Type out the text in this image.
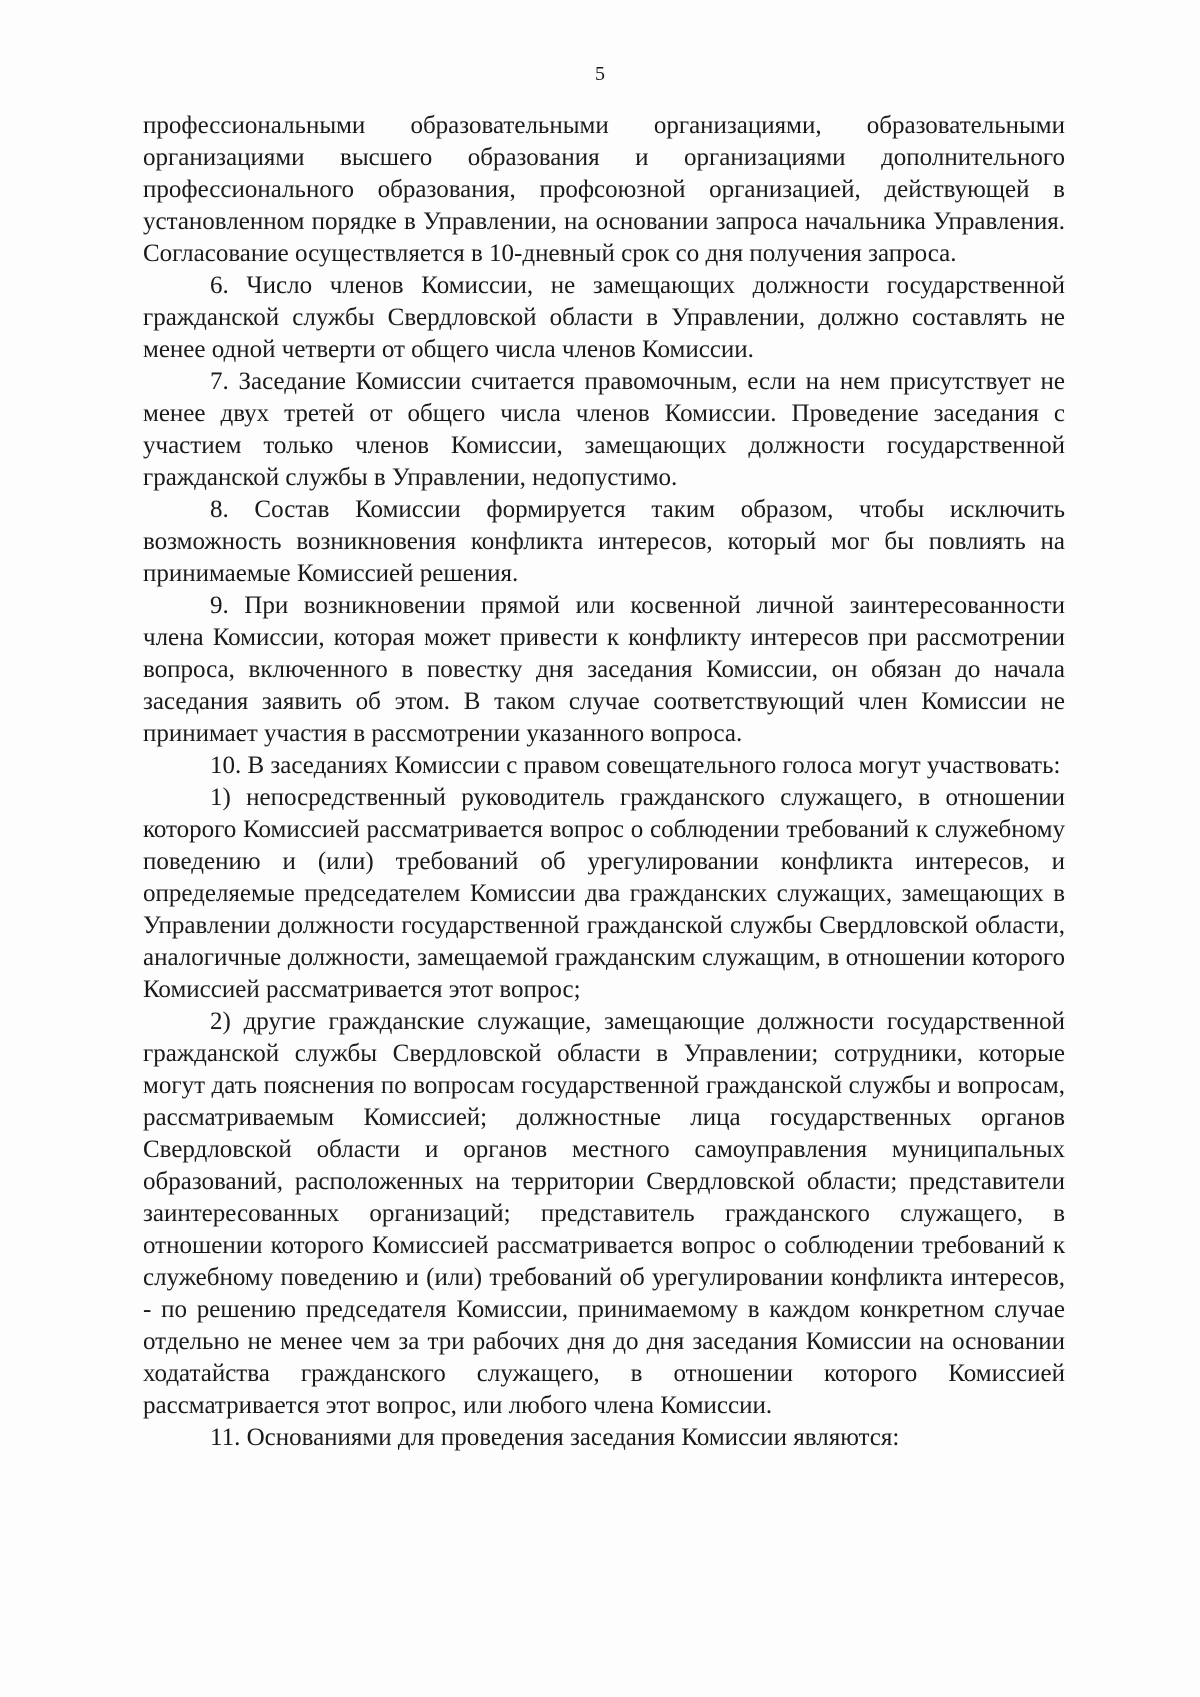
5

профессиональными образовательными организациями, образовательными организациями высшего образования и организациями дополнительного профессионального образования, профсоюзной организацией, действующей в установленном порядке в Управлении, на основании запроса начальника Управления. Согласование осуществляется в 10-дневный срок со дня получения запроса.

6. Число членов Комиссии, не замещающих должности государственной гражданской службы Свердловской области в Управлении, должно составлять не менее одной четверти от общего числа членов Комиссии.

7. Заседание Комиссии считается правомочным, если на нем присутствует не менее двух третей от общего числа членов Комиссии. Проведение заседания с участием только членов Комиссии, замещающих должности государственной гражданской службы в Управлении, недопустимо.

8. Состав Комиссии формируется таким образом, чтобы исключить возможность возникновения конфликта интересов, который мог бы повлиять на принимаемые Комиссией решения.

9. При возникновении прямой или косвенной личной заинтересованности члена Комиссии, которая может привести к конфликту интересов при рассмотрении вопроса, включенного в повестку дня заседания Комиссии, он обязан до начала заседания заявить об этом. В таком случае соответствующий член Комиссии не принимает участия в рассмотрении указанного вопроса.

10. В заседаниях Комиссии с правом совещательного голоса могут участвовать:

1) непосредственный руководитель гражданского служащего, в отношении которого Комиссией рассматривается вопрос о соблюдении требований к служебному поведению и (или) требований об урегулировании конфликта интересов, и определяемые председателем Комиссии два гражданских служащих, замещающих в Управлении должности государственной гражданской службы Свердловской области, аналогичные должности, замещаемой гражданским служащим, в отношении которого Комиссией рассматривается этот вопрос;

2) другие гражданские служащие, замещающие должности государственной гражданской службы Свердловской области в Управлении; сотрудники, которые могут дать пояснения по вопросам государственной гражданской службы и вопросам, рассматриваемым Комиссией; должностные лица государственных органов Свердловской области и органов местного самоуправления муниципальных образований, расположенных на территории Свердловской области; представители заинтересованных организаций; представитель гражданского служащего, в отношении которого Комиссией рассматривается вопрос о соблюдении требований к служебному поведению и (или) требований об урегулировании конфликта интересов, - по решению председателя Комиссии, принимаемому в каждом конкретном случае отдельно не менее чем за три рабочих дня до дня заседания Комиссии на основании ходатайства гражданского служащего, в отношении которого Комиссией рассматривается этот вопрос, или любого члена Комиссии.

11. Основаниями для проведения заседания Комиссии являются:
